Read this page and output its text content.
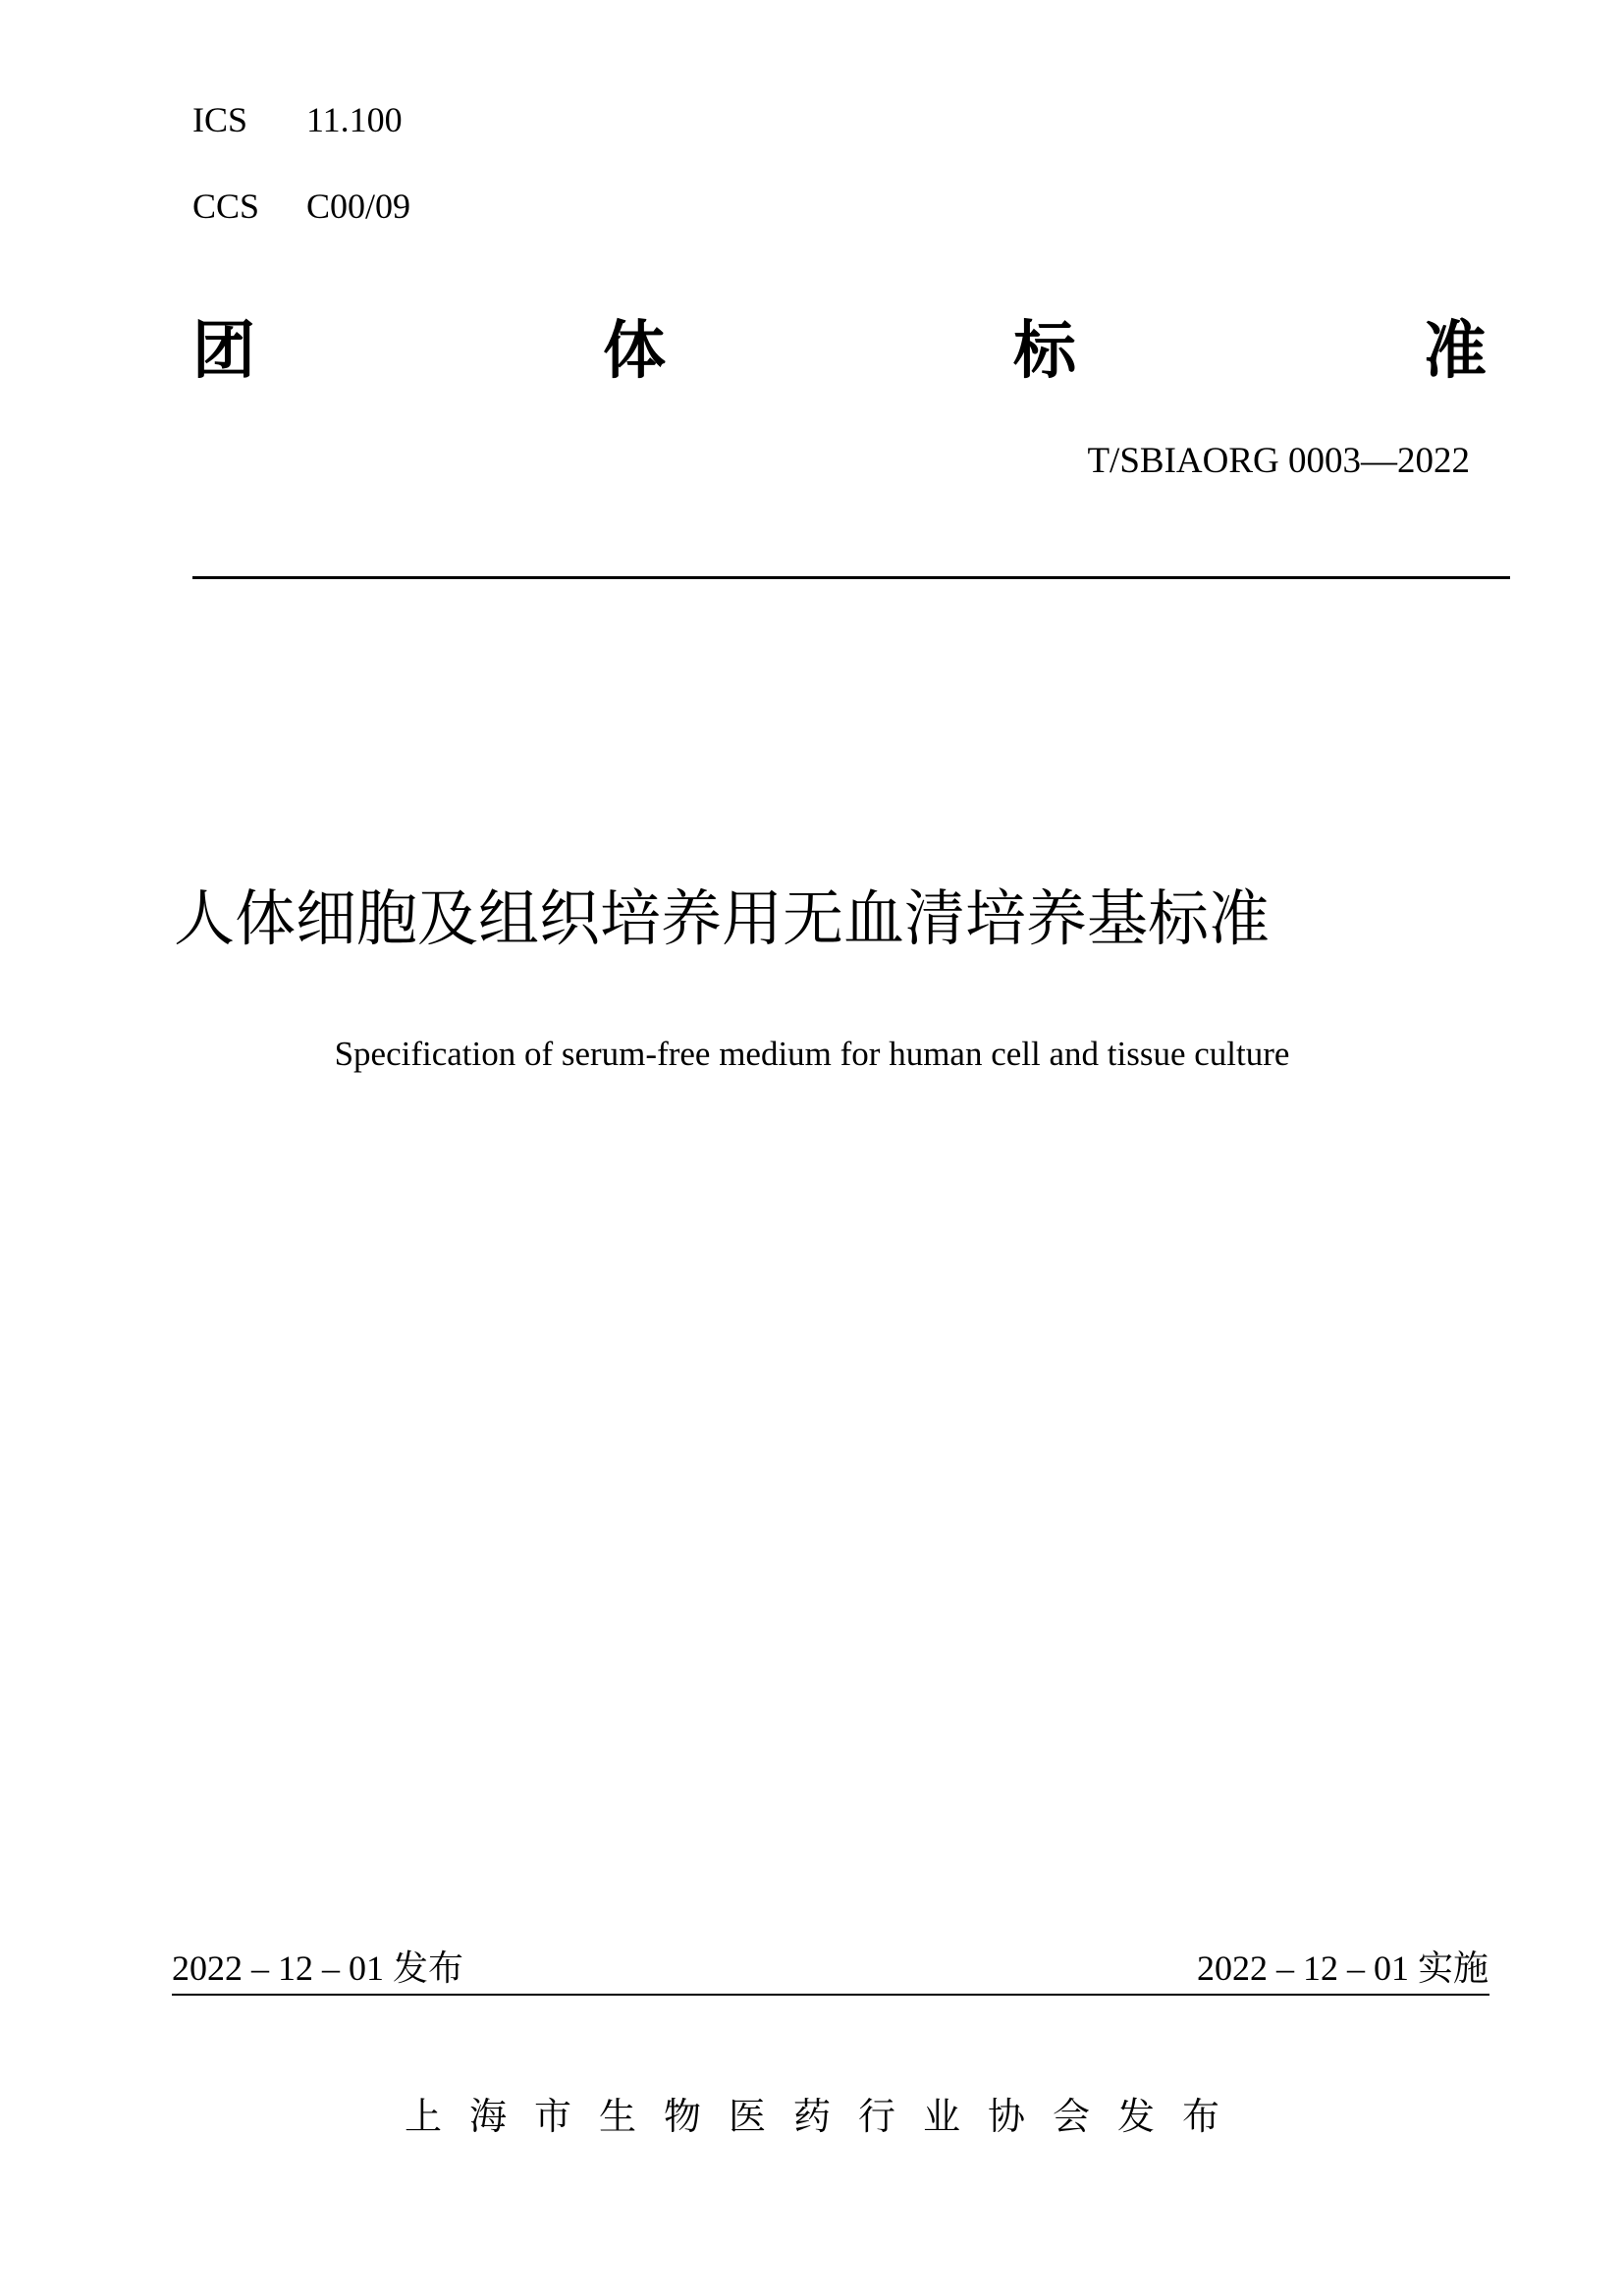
ICS 11.100
CCS C00/09
团	体	标	准
T/SBIAORG 0003—2022
人体细胞及组织培养用无血清培养基标准
Specification of serum-free medium for human cell and tissue culture
2022 – 12 – 01 发布	2022 – 12 – 01 实施
上海市生物医药行业协会发布
